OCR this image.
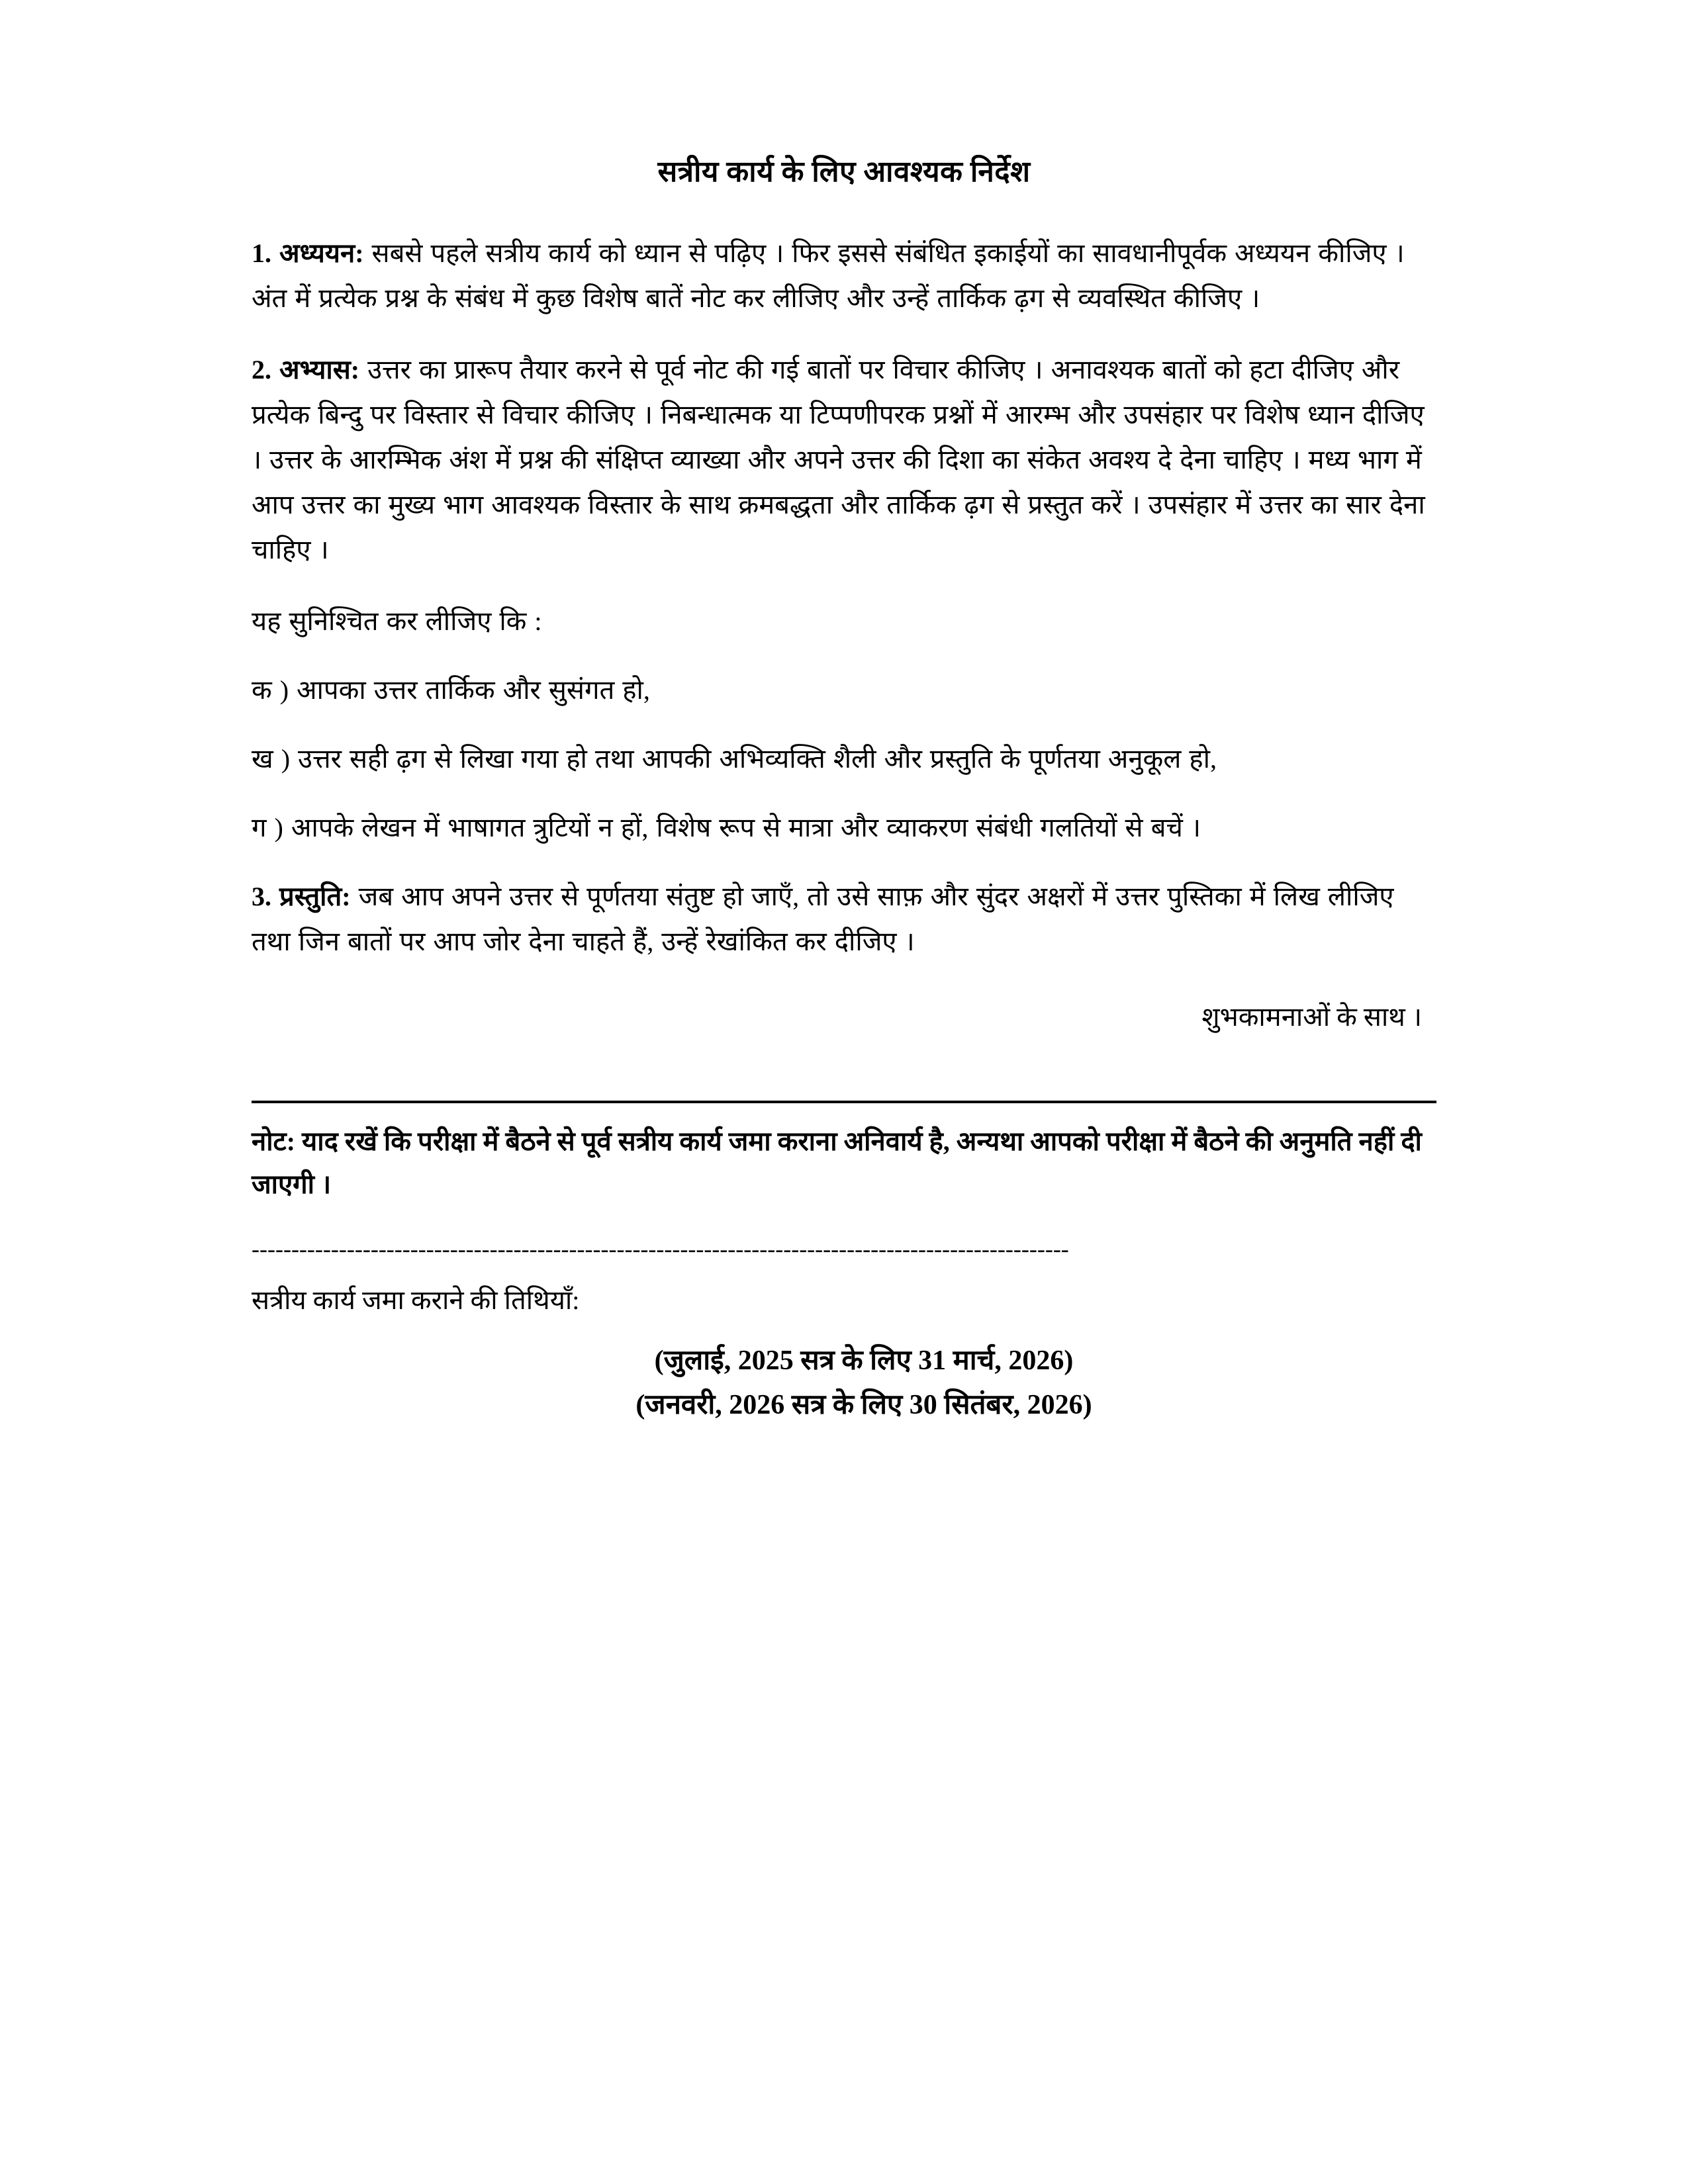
सत्रीय कार्य के लिए आवश्यक निर्देश

1. अध्ययन: सबसे पहले सत्रीय कार्य को ध्यान से पढ़िए । फिर इससे संबंधित इकाईयों का सावधानीपूर्वक अध्ययन कीजिए । अंत में प्रत्येक प्रश्न के संबंध में कुछ विशेष बातें नोट कर लीजिए और उन्हें तार्किक ढ़ग से व्यवस्थित कीजिए ।

2. अभ्यास: उत्तर का प्रारूप तैयार करने से पूर्व नोट की गई बातों पर विचार कीजिए । अनावश्यक बातों को हटा दीजिए और प्रत्येक बिन्दु पर विस्तार से विचार कीजिए । निबन्धात्मक या टिप्पणीपरक प्रश्नों में आरम्भ और उपसंहार पर विशेष ध्यान दीजिए । उत्तर के आरम्भिक अंश में प्रश्न की संक्षिप्त व्याख्या और अपने उत्तर की दिशा का संकेत अवश्य दे देना चाहिए । मध्य भाग में आप उत्तर का मुख्य भाग आवश्यक विस्तार के साथ क्रमबद्धता और तार्किक ढ़ग से प्रस्तुत करें । उपसंहार में उत्तर का सार देना चाहिए ।

यह सुनिश्चित कर लीजिए कि :

क ) आपका उत्तर तार्किक और सुसंगत हो,

ख ) उत्तर सही ढ़ग से लिखा गया हो तथा आपकी अभिव्यक्ति शैली और प्रस्तुति के पूर्णतया अनुकूल हो,

ग ) आपके लेखन में भाषागत त्रुटियों न हों, विशेष रूप से मात्रा और व्याकरण संबंधी गलतियों से बचें ।

3. प्रस्तुति: जब आप अपने उत्तर से पूर्णतया संतुष्ट हो जाएँ, तो उसे साफ़ और सुंदर अक्षरों में उत्तर पुस्तिका में लिख लीजिए तथा जिन बातों पर आप जोर देना चाहते हैं, उन्हें रेखांकित कर दीजिए ।

शुभकामनाओं के साथ ।

नोट: याद रखें कि परीक्षा में बैठने से पूर्व सत्रीय कार्य जमा कराना अनिवार्य है, अन्यथा आपको परीक्षा में बैठने की अनुमति नहीं दी जाएगी ।

-------------------------------------------------------------------------------------------------------

सत्रीय कार्य जमा कराने की तिथियाँ:

(जुलाई, 2025 सत्र के लिए 31 मार्च, 2026)
(जनवरी, 2026 सत्र के लिए 30 सितंबर, 2026)
